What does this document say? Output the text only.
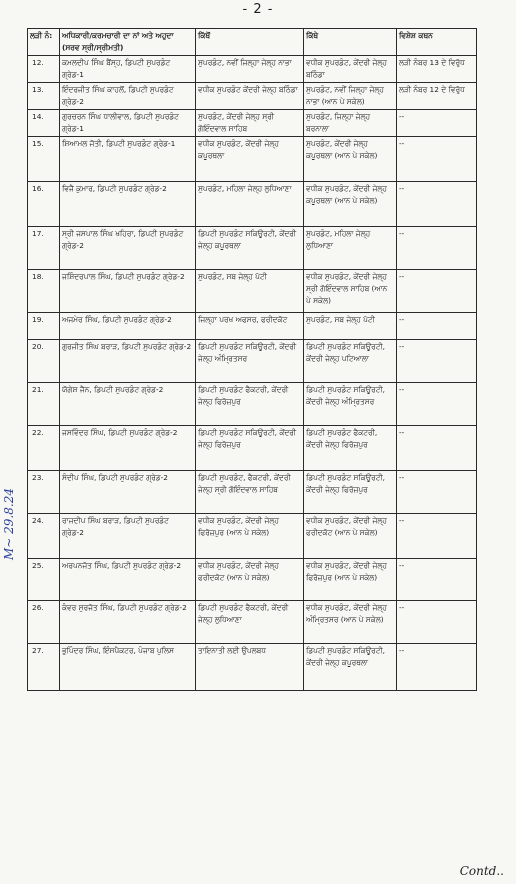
- 2 -
ਲੜੀ ਨੰ:	ਅਧਿਕਾਰੀ/ਕਰਮਚਾਰੀ ਦਾ ਨਾਂ ਅਤੇ ਅਹੁਦਾ (ਸਰਵ ਸ੍ਰੀ/ਸ੍ਰੀਮਤੀ)	ਕਿੱਥੋਂ	ਕਿੱਥੇ	ਵਿਸ਼ੇਸ਼ ਕਥਨ
12.	ਕਮਲਦੀਪ ਸਿੰਘ ਬੈਂਸ੍ਹ, ਡਿਪਟੀ ਸੁਪਰਡੰਟ ਗ੍ਰੇਡ-1	ਸੁਪਰਡੰਟ, ਨਵੀਂ ਜਿਲ੍ਹਾ ਜੇਲ੍ਹ ਨਾਭਾ	ਵਧੀਕ ਸੁਪਰਡੰਟ, ਕੇਂਦਰੀ ਜੇਲ੍ਹ ਬਠਿੰਡਾ	ਲੜੀ ਨੰਬਰ 13 ਦੇ ਵਿਰੁੱਧ
13.	ਇੰਦਰਜੀਤ ਸਿੰਘ ਕਾਹਲੋਂ, ਡਿਪਟੀ ਸੁਪਰਡੰਟ ਗ੍ਰੇਡ-2	ਵਧੀਕ ਸੁਪਰਡੰਟ ਕੇਂਦਰੀ ਜੇਲ੍ਹ ਬਠਿੰਡਾ	ਸੁਪਰਡੰਟ, ਨਵੀਂ ਜਿਲ੍ਹਾ ਜੇਲ੍ਹ ਨਾਭਾ (ਆਨ ਪੇ ਸਕੇਲ)	ਲੜੀ ਨੰਬਰ 12 ਦੇ ਵਿਰੁੱਧ
14.	ਗੁਰਚਰਨ ਸਿੰਘ ਧਾਲੀਵਾਲ, ਡਿਪਟੀ ਸੁਪਰਡੰਟ ਗ੍ਰੇਡ-1	ਸੁਪਰਡੰਟ, ਕੇਂਦਰੀ ਜੇਲ੍ਹ ਸ੍ਰੀ ਗੋਇੰਦਵਾਲ ਸਾਹਿਬ	ਸੁਪਰਡੰਟ, ਜਿਲ੍ਹਾ ਜੇਲ੍ਹ ਬਰਨਾਲਾ	--
15.	ਸ਼ਿਆਮਲ ਜੋਤੀ, ਡਿਪਟੀ ਸੁਪਰਡੰਟ ਗ੍ਰੇਡ-1	ਵਧੀਕ ਸੁਪਰਡੰਟ, ਕੇਂਦਰੀ ਜੇਲ੍ਹ ਕਪੂਰਥਲਾ	ਸੁਪਰਡੰਟ, ਕੇਂਦਰੀ ਜੇਲ੍ਹ ਕਪੂਰਥਲਾ (ਆਨ ਪੇ ਸਕੇਲ)	--
16.	ਵਿਜੈ ਕੁਮਾਰ, ਡਿਪਟੀ ਸੁਪਰਡੰਟ ਗ੍ਰੇਡ-2	ਸੁਪਰਡੰਟ, ਮਹਿਲਾ ਜੇਲ੍ਹ ਲੁਧਿਆਣਾ	ਵਧੀਕ ਸੁਪਰਡੰਟ, ਕੇਂਦਰੀ ਜੇਲ੍ਹ ਕਪੂਰਥਲਾ (ਆਨ ਪੇ ਸਕੇਲ)	--
17.	ਸ੍ਰੀ ਜਸਪਾਲ ਸਿੰਘ ਖਹਿਰਾ, ਡਿਪਟੀ ਸੁਪਰਡੰਟ ਗ੍ਰੇਡ-2	ਡਿਪਟੀ ਸੁਪਰਡੰਟ ਸਕਿਊਰਟੀ, ਕੇਂਦਰੀ ਜੇਲ੍ਹ ਕਪੂਰਥਲਾ	ਸੁਪਰਡੰਟ, ਮਹਿਲਾ ਜੇਲ੍ਹ ਲੁਧਿਆਣਾ	--
18.	ਜਸ਼ਿੰਦਰਪਾਲ ਸਿੰਘ, ਡਿਪਟੀ ਸੁਪਰਡੰਟ ਗ੍ਰੇਡ-2	ਸੁਪਰਡੰਟ, ਸਬ ਜੇਲ੍ਹ ਪੱਟੀ	ਵਧੀਕ ਸੁਪਰਡੰਟ, ਕੇਂਦਰੀ ਜੇਲ੍ਹ ਸ੍ਰੀ ਗੋਇੰਦਵਾਲ ਸਾਹਿਬ (ਆਨ ਪੇ ਸਕੇਲ)	--
19.	ਅਜਮੇਰ ਸਿੰਘ, ਡਿਪਟੀ ਸੁਪਰਡੰਟ ਗ੍ਰੇਡ-2	ਜਿਲ੍ਹਾ ਪਰਖ ਅਫਸਰ, ਫਰੀਦਕੋਟ	ਸੁਪਰਡੰਟ, ਸਬ ਜੇਲ੍ਹ ਪੱਟੀ	--
20.	ਗੁਰਜੀਤ ਸਿੰਘ ਬਰਾੜ, ਡਿਪਟੀ ਸੁਪਰਡੰਟ ਗ੍ਰੇਡ-2	ਡਿਪਟੀ ਸੁਪਰਡੰਟ ਸਕਿਊਰਟੀ, ਕੇਂਦਰੀ ਜੇਲ੍ਹ ਅੰਮ੍ਰਿਤਸਰ	ਡਿਪਟੀ ਸੁਪਰਡੰਟ ਸਕਿਊਰਟੀ, ਕੇਂਦਰੀ ਜੇਲ੍ਹ ਪਟਿਆਲਾ	--
21.	ਯੋਗੇਸ਼ ਜੈਨ, ਡਿਪਟੀ ਸੁਪਰਡੰਟ ਗ੍ਰੇਡ-2	ਡਿਪਟੀ ਸੁਪਰਡੰਟ ਫੈਕਟਰੀ, ਕੇਂਦਰੀ ਜੇਲ੍ਹ ਫਿਰੋਜ਼ਪੁਰ	ਡਿਪਟੀ ਸੁਪਰਡੰਟ ਸਕਿਊਰਟੀ, ਕੇਂਦਰੀ ਜੇਲ੍ਹ ਅੰਮ੍ਰਿਤਸਰ	--
22.	ਜਸਵਿੰਦਰ ਸਿੰਘ, ਡਿਪਟੀ ਸੁਪਰਡੰਟ ਗ੍ਰੇਡ-2	ਡਿਪਟੀ ਸੁਪਰਡੰਟ ਸਕਿਊਰਟੀ, ਕੇਂਦਰੀ ਜੇਲ੍ਹ ਫਿਰੋਜ਼ਪੁਰ	ਡਿਪਟੀ ਸੁਪਰਡੰਟ ਫੈਕਟਰੀ, ਕੇਂਦਰੀ ਜੇਲ੍ਹ ਫਿਰੋਜ਼ਪੁਰ	--
23.	ਸੰਦੀਪ ਸਿੰਘ, ਡਿਪਟੀ ਸੁਪਰਡੰਟ ਗ੍ਰੇਡ-2	ਡਿਪਟੀ ਸੁਪਰਡੰਟ, ਫੈਕਟਰੀ, ਕੇਂਦਰੀ ਜੇਲ੍ਹ ਸ੍ਰੀ ਗੋਇੰਦਵਾਲ ਸਾਹਿਬ	ਡਿਪਟੀ ਸੁਪਰਡੰਟ ਸਕਿਊਰਟੀ, ਕੇਂਦਰੀ ਜੇਲ੍ਹ ਫਿਰੋਜ਼ਪੁਰ	--
24.	ਰਾਜਦੀਪ ਸਿੰਘ ਬਰਾੜ, ਡਿਪਟੀ ਸੁਪਰਡੰਟ ਗ੍ਰੇਡ-2	ਵਧੀਕ ਸੁਪਰਡੰਟ, ਕੇਂਦਰੀ ਜੇਲ੍ਹ ਫਿਰੋਜ਼ਪੁਰ (ਆਨ ਪੇ ਸਕੇਲ)	ਵਧੀਕ ਸੁਪਰਡੰਟ, ਕੇਂਦਰੀ ਜੇਲ੍ਹ ਫਰੀਦਕੋਟ (ਆਨ ਪੇ ਸਕੇਲ)	--
25.	ਅਰਪਨਜੋਤ ਸਿੰਘ, ਡਿਪਟੀ ਸੁਪਰਡੰਟ ਗ੍ਰੇਡ-2	ਵਧੀਕ ਸੁਪਰਡੰਟ, ਕੇਂਦਰੀ ਜੇਲ੍ਹ ਫਰੀਦਕੋਟ (ਆਨ ਪੇ ਸਕੇਲ)	ਵਧੀਕ ਸੁਪਰਡੰਟ, ਕੇਂਦਰੀ ਜੇਲ੍ਹ ਫਿਰੋਜ਼ਪੁਰ (ਆਨ ਪੇ ਸਕੇਲ)	--
26.	ਕੰਵਰ ਸੁਰਜੋਤ ਸਿੰਘ, ਡਿਪਟੀ ਸੁਪਰਡੰਟ ਗ੍ਰੇਡ-2	ਡਿਪਟੀ ਸੁਪਰਡੰਟ ਫੈਕਟਰੀ, ਕੇਂਦਰੀ ਜੇਲ੍ਹ ਲੁਧਿਆਣਾ	ਵਧੀਕ ਸੁਪਰਡੰਟ, ਕੇਂਦਰੀ ਜੇਲ੍ਹ ਅੰਮ੍ਰਿਤਸਰ (ਆਨ ਪੇ ਸਕੇਲ)	--
27.	ਭੁਪਿੰਦਰ ਸਿੰਘ, ਇੰਸਪੈਕਟਰ, ਪੰਜਾਬ ਪੁਲਿਸ	ਤਾਇਨਾਤੀ ਲਈ ਉਪਲਬਧ	ਡਿਪਟੀ ਸੁਪਰਡੰਟ ਸਕਿਊਰਟੀ, ਕੇਂਦਰੀ ਜੇਲ੍ਹ ਕਪੂਰਥਲਾ	--
M~ 29.8.24
Contd..
